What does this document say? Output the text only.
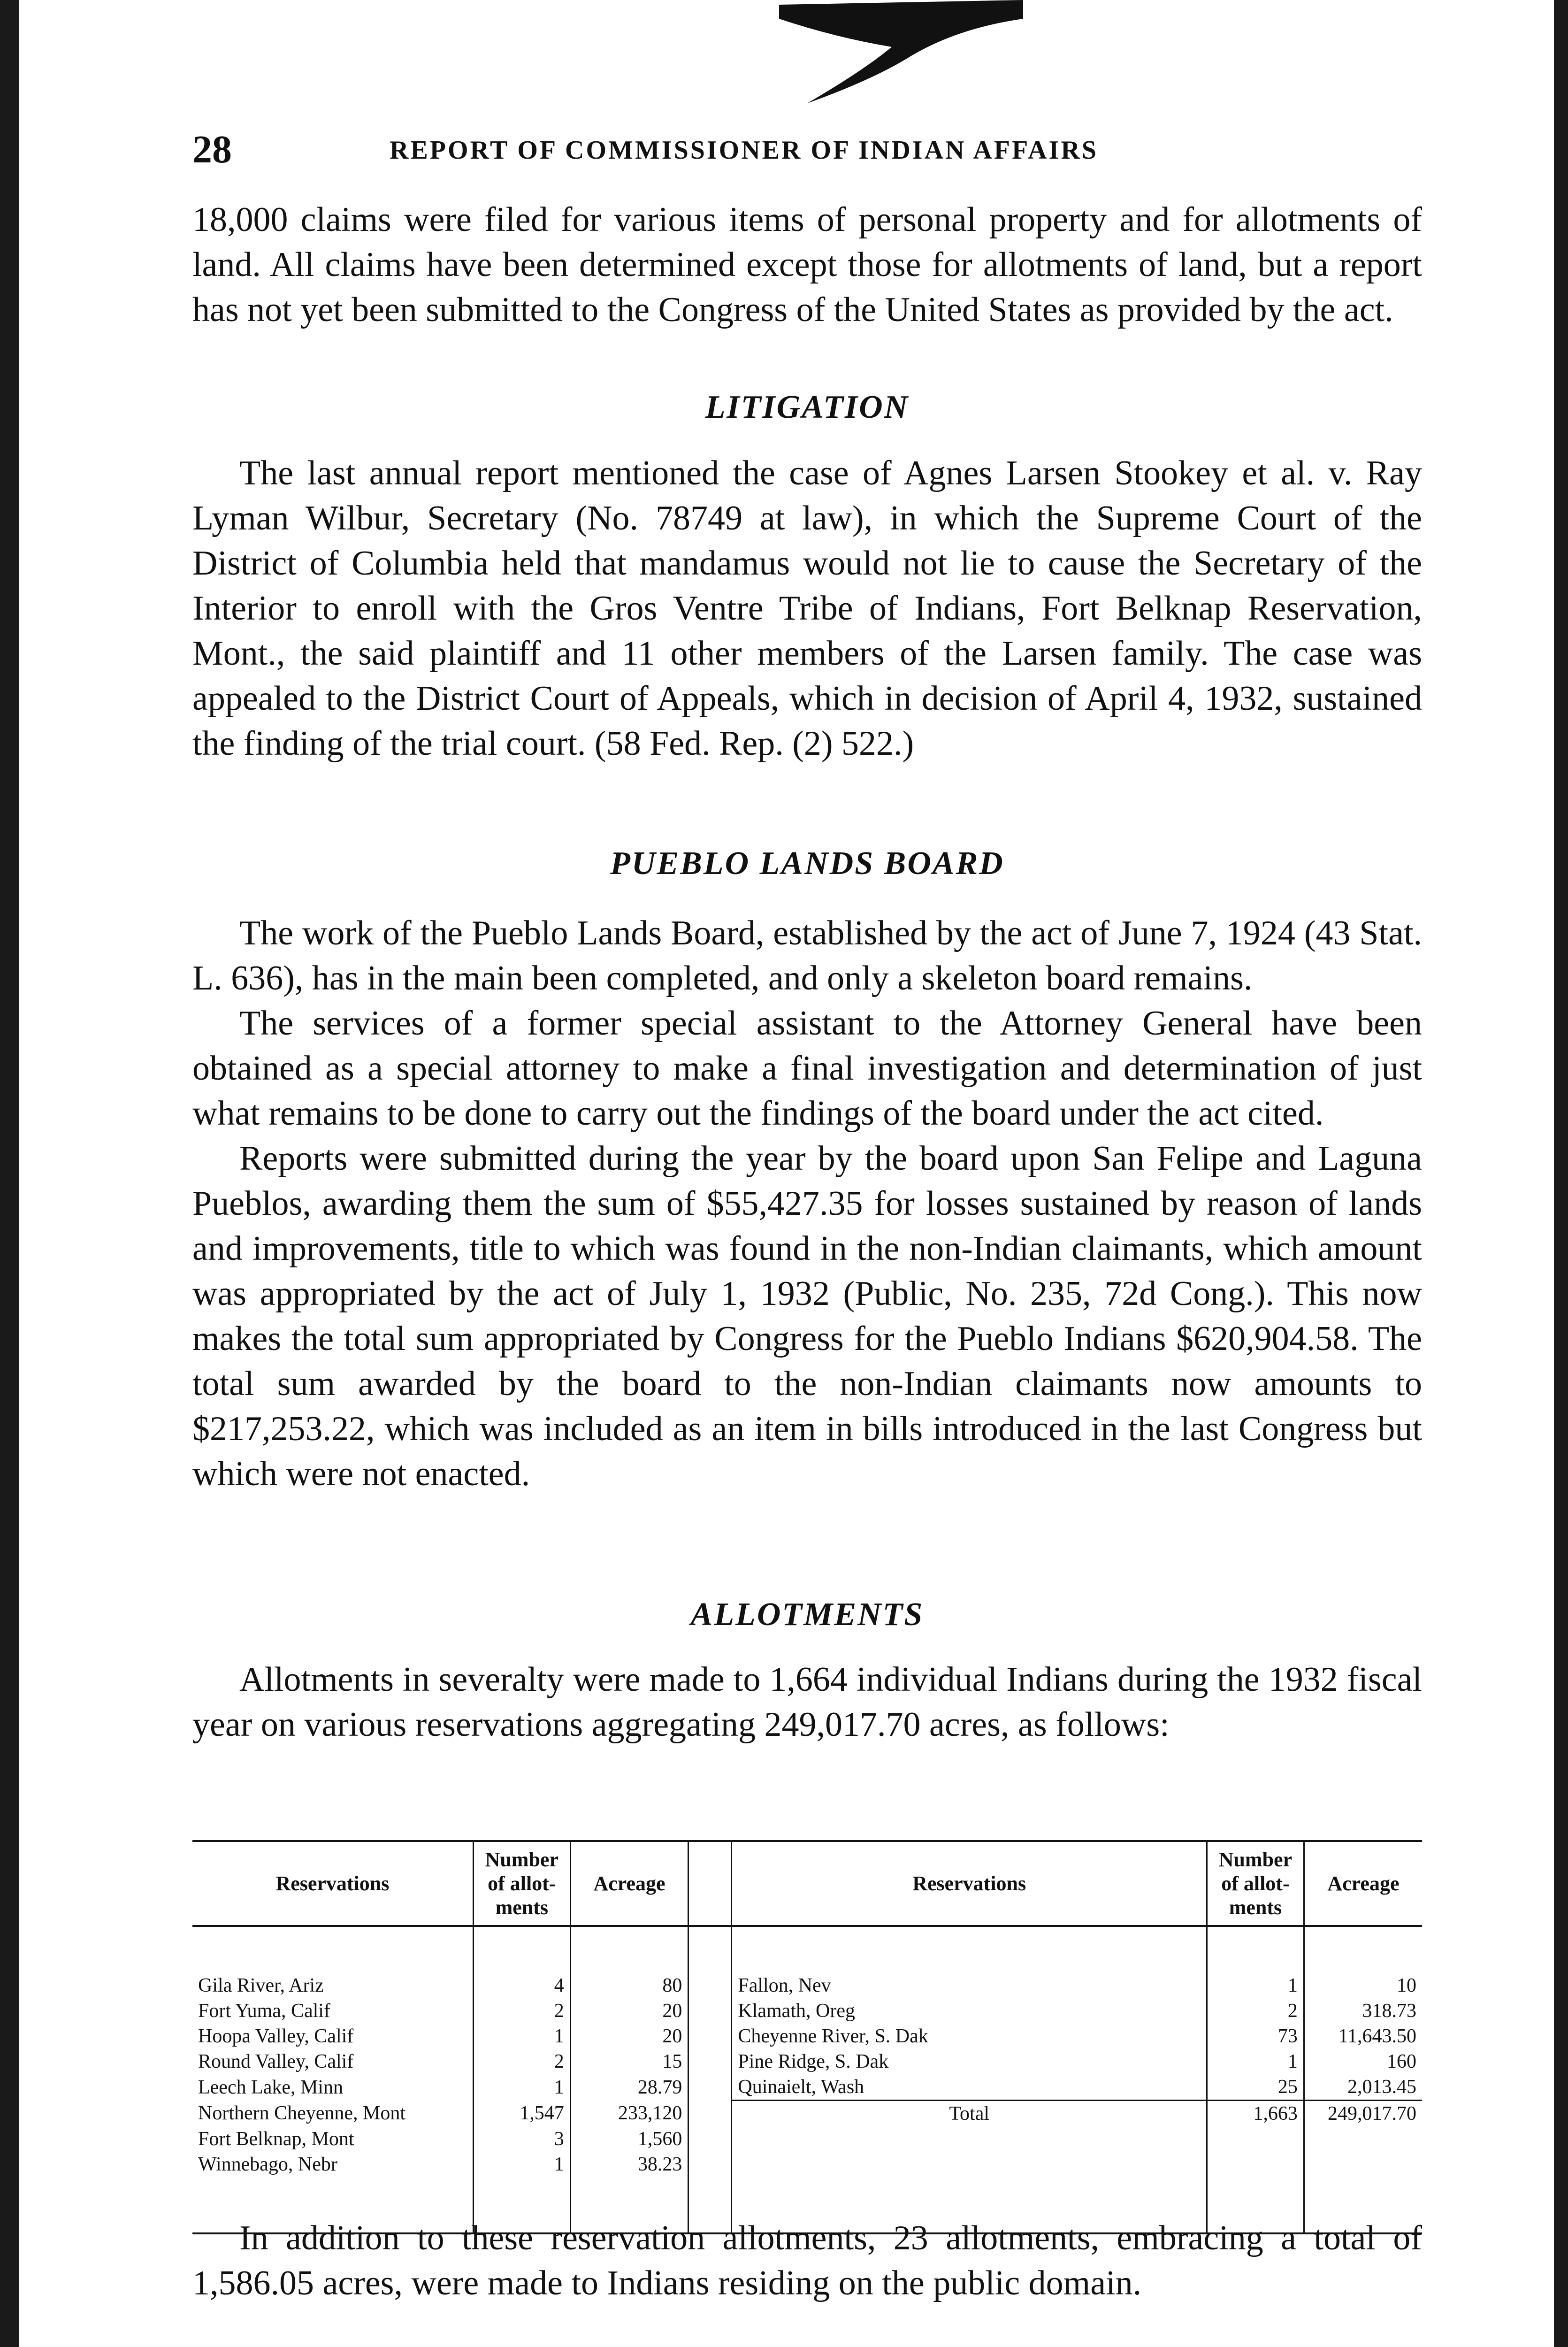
28	REPORT OF COMMISSIONER OF INDIAN AFFAIRS

18,000 claims were filed for various items of personal property and for allotments of land. All claims have been determined except those for allotments of land, but a report has not yet been submitted to the Congress of the United States as provided by the act.

LITIGATION

The last annual report mentioned the case of Agnes Larsen Stookey et al. v. Ray Lyman Wilbur, Secretary (No. 78749 at law), in which the Supreme Court of the District of Columbia held that mandamus would not lie to cause the Secretary of the Interior to enroll with the Gros Ventre Tribe of Indians, Fort Belknap Reservation, Mont., the said plaintiff and 11 other members of the Larsen family. The case was appealed to the District Court of Appeals, which in decision of April 4, 1932, sustained the finding of the trial court. (58 Fed. Rep. (2) 522.)

PUEBLO LANDS BOARD

The work of the Pueblo Lands Board, established by the act of June 7, 1924 (43 Stat. L. 636), has in the main been completed, and only a skeleton board remains.

The services of a former special assistant to the Attorney General have been obtained as a special attorney to make a final investigation and determination of just what remains to be done to carry out the findings of the board under the act cited.

Reports were submitted during the year by the board upon San Felipe and Laguna Pueblos, awarding them the sum of $55,427.35 for losses sustained by reason of lands and improvements, title to which was found in the non-Indian claimants, which amount was appropriated by the act of July 1, 1932 (Public, No. 235, 72d Cong.). This now makes the total sum appropriated by Congress for the Pueblo Indians $620,904.58. The total sum awarded by the board to the non-Indian claimants now amounts to $217,253.22, which was included as an item in bills introduced in the last Congress but which were not enacted.

ALLOTMENTS

Allotments in severalty were made to 1,664 individual Indians during the 1932 fiscal year on various reservations aggregating 249,017.70 acres, as follows:

Reservations	Number of allot- ments	Acreage		Reservations	Number of allot- ments	Acreage
Gila River, Ariz	4	80		Fallon, Nev	1	10
Fort Yuma, Calif	2	20		Klamath, Oreg	2	318.73
Hoopa Valley, Calif	1	20		Cheyenne River, S. Dak	73	11,643.50
Round Valley, Calif	2	15		Pine Ridge, S. Dak	1	160
Leech Lake, Minn	1	28.79		Quinaielt, Wash	25	2,013.45
Northern Cheyenne, Mont	1,547	233,120		Total	1,663	249,017.70
Fort Belknap, Mont	3	1,560				
Winnebago, Nebr	1	38.23				

In addition to these reservation allotments, 23 allotments, embracing a total of 1,586.05 acres, were made to Indians residing on the public domain.
